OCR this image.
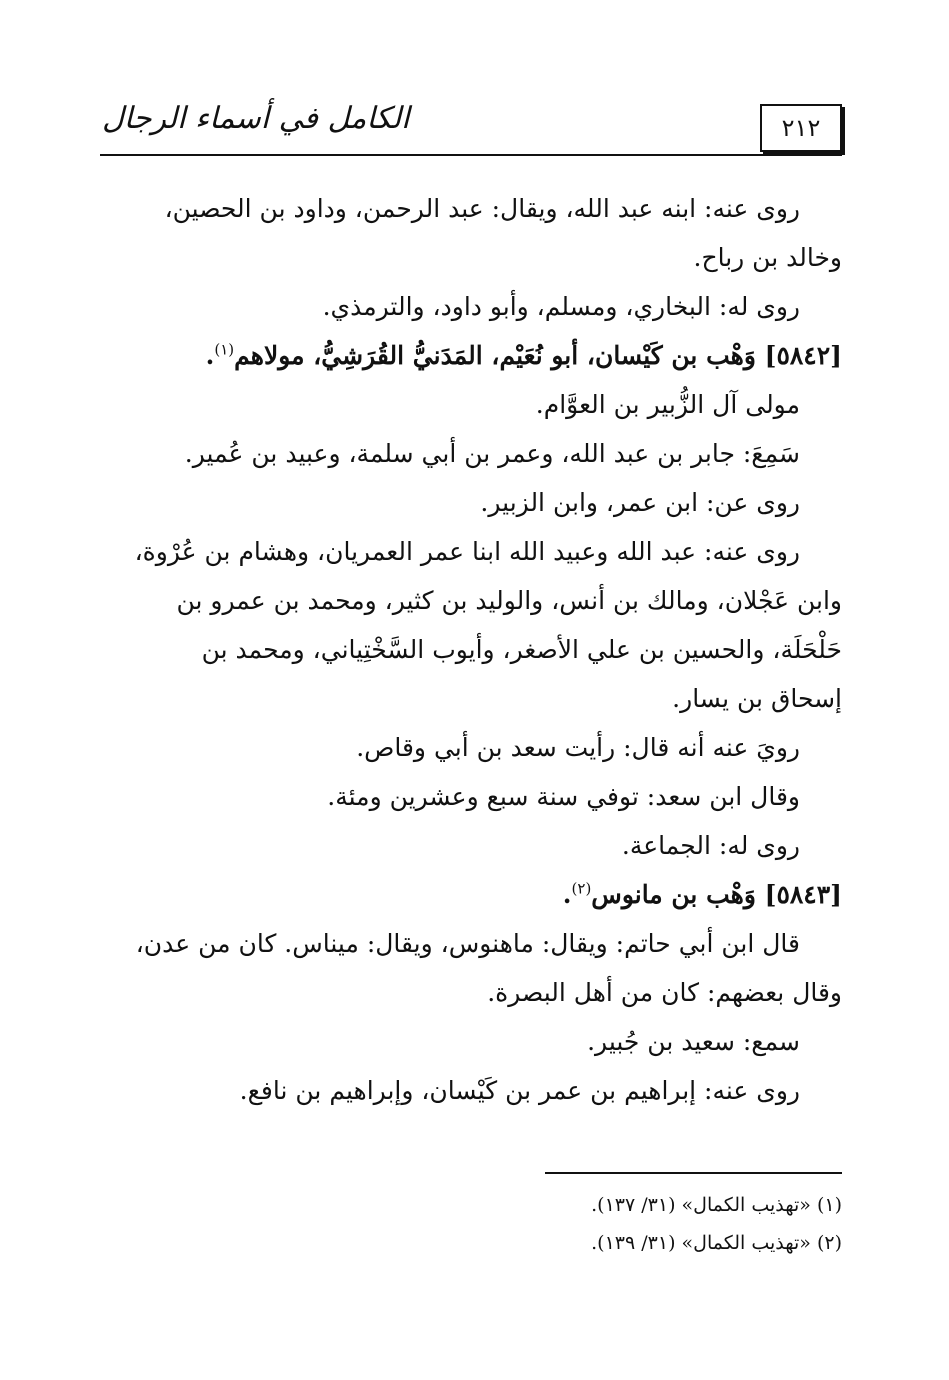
٢١٢
الكامل في أسماء الرجال
روى عنه: ابنه عبد الله، ويقال: عبد الرحمن، وداود بن الحصين،
وخالد بن رباح.
روى له: البخاري، ومسلم، وأبو داود، والترمذي.
[٥٨٤٢] وَهْب بن كَيْسان، أبو نُعَيْم، المَدَنيُّ القُرَشِيُّ، مولاهم$^{(١)}$.
مولى آل الزُّبير بن العوَّام.
سَمِعَ: جابر بن عبد الله، وعمر بن أبي سلمة، وعبيد بن عُمير.
روى عن: ابن عمر، وابن الزبير.
روى عنه: عبد الله وعبيد الله ابنا عمر العمريان، وهشام بن عُرْوة،
وابن عَجْلان، ومالك بن أنس، والوليد بن كثير، ومحمد بن عمرو بن
حَلْحَلَة، والحسين بن علي الأصغر، وأيوب السَّخْتِياني، ومحمد بن
إسحاق بن يسار.
رويَ عنه أنه قال: رأيت سعد بن أبي وقاص.
وقال ابن سعد: توفي سنة سبع وعشرين ومئة.
روى له: الجماعة.
[٥٨٤٣] وَهْب بن مانوس$^{(٢)}$.
قال ابن أبي حاتم: ويقال: ماهنوس، ويقال: ميناس. كان من عدن،
وقال بعضهم: كان من أهل البصرة.
سمع: سعيد بن جُبير.
روى عنه: إبراهيم بن عمر بن كَيْسان، وإبراهيم بن نافع.
(١) «تهذيب الكمال» (٣١/ ١٣٧).
(٢) «تهذيب الكمال» (٣١/ ١٣٩).
